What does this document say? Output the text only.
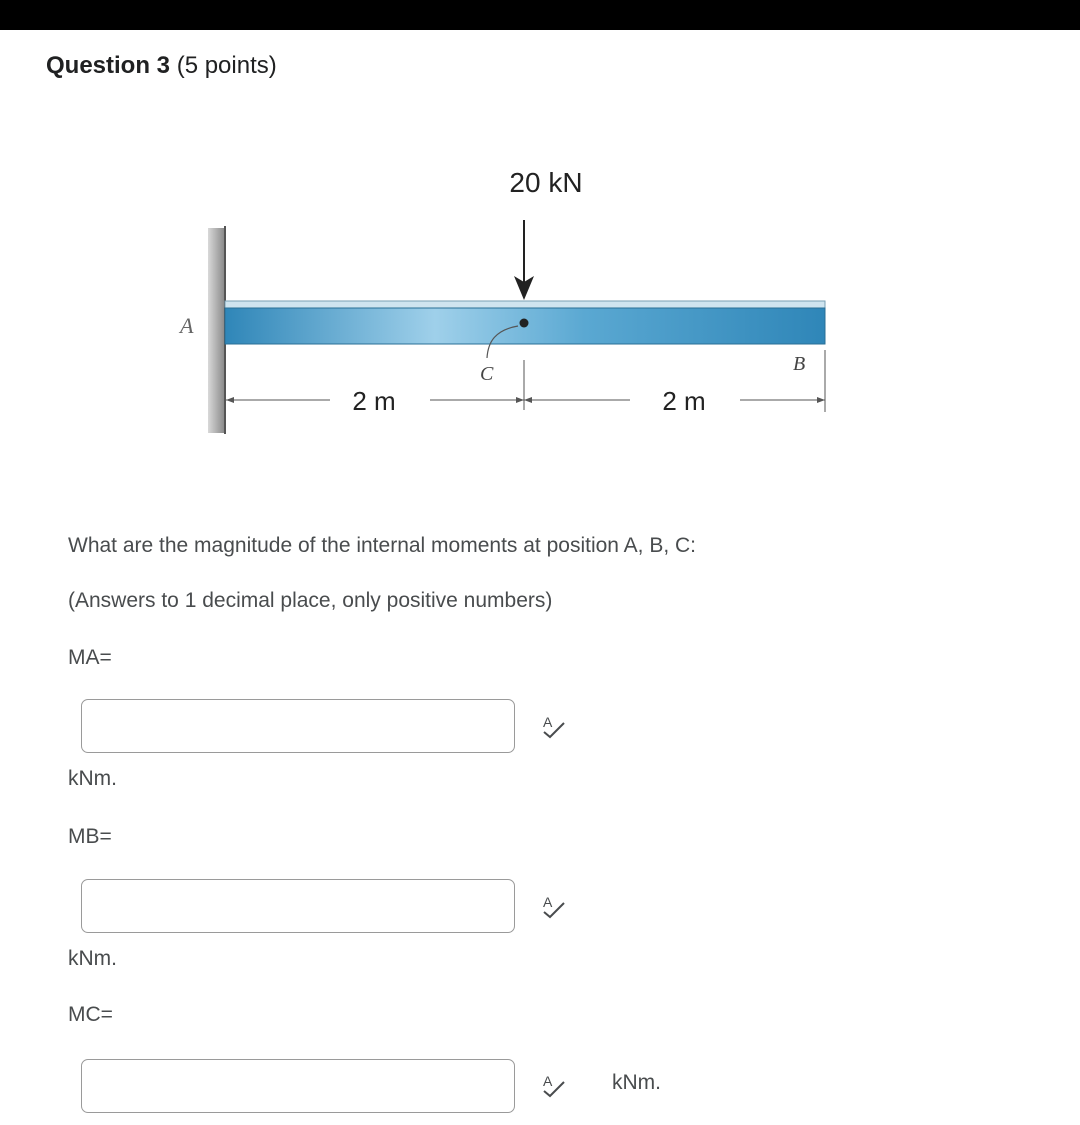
Question 3 (5 points)
20 kN
C
A
B
2 m	2 m
What are the magnitude of the internal moments at position A, B, C:
(Answers to 1 decimal place, only positive numbers)
MA=
A
kNm.
MB=
A
kNm.
MC=
A	kNm.
